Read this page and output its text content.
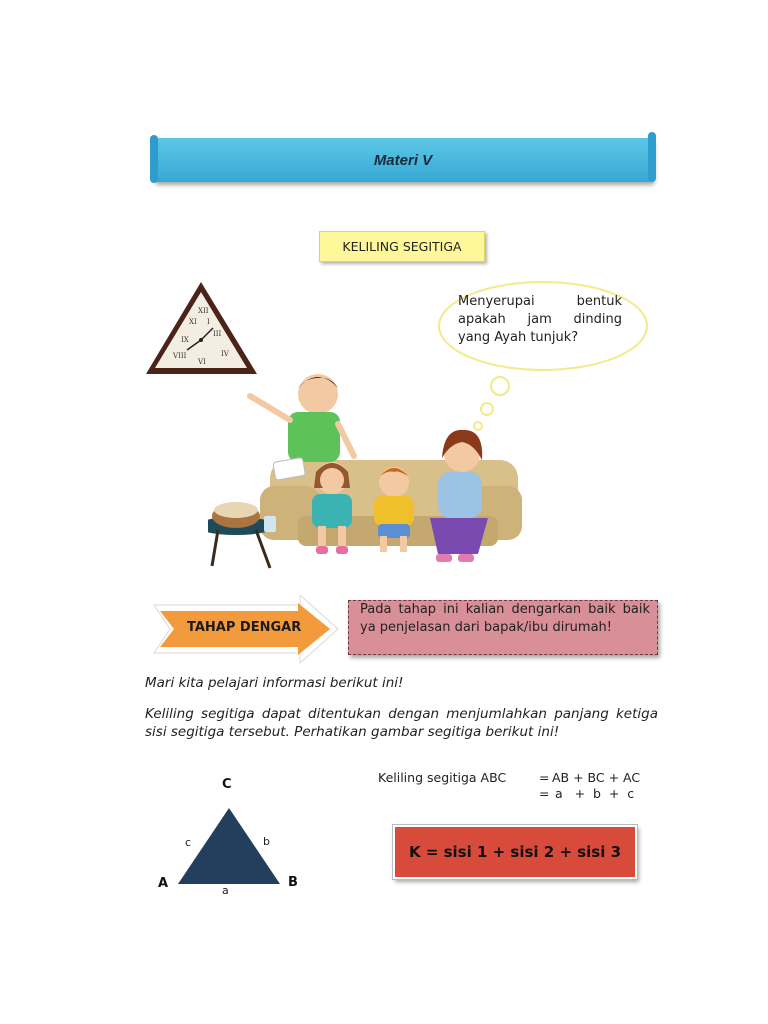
Materi V
KELILING SEGITIGA
XII
III
VI
IX
XI I
IV
VIII
Menyerupai bentuk apakah jam dinding yang Ayah tunjuk?
TAHAP DENGAR
Pada tahap ini kalian dengarkan baik baik ya penjelasan dari bapak/ibu dirumah!
Mari kita pelajari informasi berikut ini!
Keliling segitiga dapat ditentukan dengan menjumlahkan panjang ketiga sisi segitiga tersebut. Perhatikan gambar segitiga berikut ini!
C
A	B
c	b
a
Keliling segitiga ABC	= AB + BC + AC
= a   +  b  +  c
K = sisi 1 + sisi 2 + sisi 3
